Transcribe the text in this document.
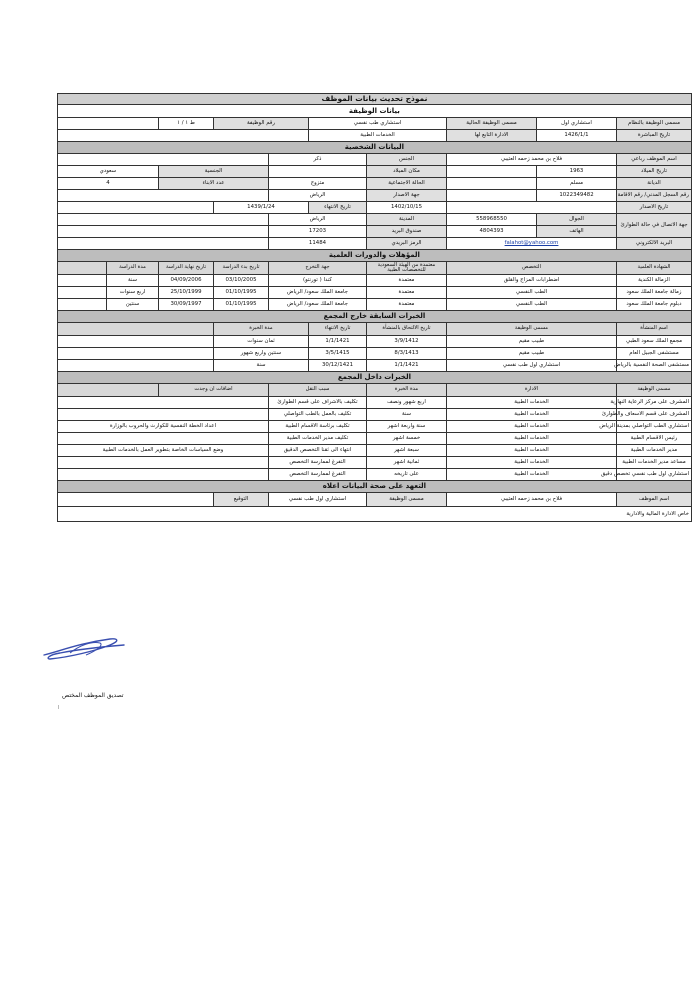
نموذج تحديث بيانات الموظف									
بيانات الوظيفة									
مسمى الوظيفة بالنظام	استشاري اول	مسمى الوظيفة الحالية	استشاري طب نفسي		رقم الوظيفة		ط ١ / ١		
تاريخ المباشرة	1426/1/1	الادارة التابع لها	الخدمات الطبية						
البيانات الشخصية									
اسم الموظف رباعي	فلاح بن محمد زحمه العتيبي		الجنس	ذكر					
تاريخ الميلاد	1963		مكان الميلاد			الجنسية		سعودي	
الديانة	مسلم		الحالة الاجتماعية	متزوج		عدد الابناء		4	
رقم السجل المدني/ رقم الاقامة	1022349482		جهة الاصدار	الرياض					
تاريخ الاصدار			1402/10/15	تاريخ الانتهاء	1439/1/24				
جهة الاتصال في حالة الطوارئ	الجوال	558968550	المدينة	الرياض					
	الهاتف	4804393	صندوق البريد	17203					
البريد الالكتروني	falahot@yahoo.com		الرمز البريدي	11484					
المؤهلات والدورات العلمية									
الشهادة العلمية	التخصص		معتمدة من الهيئة السعودية للتخصصات الطبية	جهة التخرج		تاريخ بدء الدراسة	تاريخ نهاية الدراسة	مدة الدراسة	
الزمالة الكندية	اضطرابات المزاج والقلق		معتمدة	كندا ( تورنتو)		03/10/2005	04/09/2006	سنة	
زمالة جامعة الملك سعود	الطب النفسي		معتمدة	جامعة الملك سعود/ الرياض		01/10/1995	25/10/1999	اربع سنوات	
دبلوم جامعة الملك سعود	الطب النفسي		معتمدة	جامعة الملك سعود/ الرياض		01/10/1995	30/09/1997	سنتين	
الخبرات السابقة خارج المجمع									
اسم المنشأة	مسمى الوظيفة		تاريخ الالتحاق بالمنشأة	تاريخ الانتهاء	مدة الخبرة				
مجمع الملك سعود الطبي	طبيب مقيم		3/9/1412	1/1/1421	ثمان سنوات				
مستشفى الجبيل العام	طبيب مقيم		8/3/1413	3/5/1415	سنتين واربع شهور				
مستشفى الصحة النفسية بالرياض	استشاري اول طب نفسي		1/1/1421	30/12/1421	سنة				
الخبرات داخل المجمع									
مسمى الوظيفة	الادارة		مدة الخبرة	سبب النقل		اضافات ان وجدت			
المشرف على مركز الرعاية النهارية	الخدمات الطبية		اربع شهور ونصف	تكليف بالاشراف على قسم الطوارئ					
المشرف على قسم الاسعاف والطوارئ	الخدمات الطبية		سنة	تكليف بالعمل بالطب التواصلي					
استشاري الطب التواصلي بمدينة الرياض	الخدمات الطبية		سنة واربعة اشهر	تكليف برئاسة الاقسام الطبية		اعداد الخطة النفسية للكوارث والحروب بالوزارة			
رئيس الاقسام الطبية	الخدمات الطبية		خمسة اشهر	تكليف مدير الخدمات الطبية					
مدير الخدمات الطبية	الخدمات الطبية		سبعة اشهر	انتهاء الى ثقنا التخصص الدقيق		وضع السياسات الخاصة بتطوير العمل بالخدمات الطبية			
مساعد مدير الخدمات الطبية	الخدمات الطبية		ثمانية اشهر	التفرغ لممارسة التخصص					
استشاري اول طب نفسي تخصص دقيق	الخدمات الطبية		على تاريخه	التفرغ لممارسة التخصص					
التعهد على صحة البيانات اعلاه									
اسم الموظف	فلاح بن محمد زحمه العتيبي		مسمى الوظيفة	استشاري اول طب نفسي		التوقيع			
خاص الادارة المالية والادارية									
تصديق الموظف المختص
